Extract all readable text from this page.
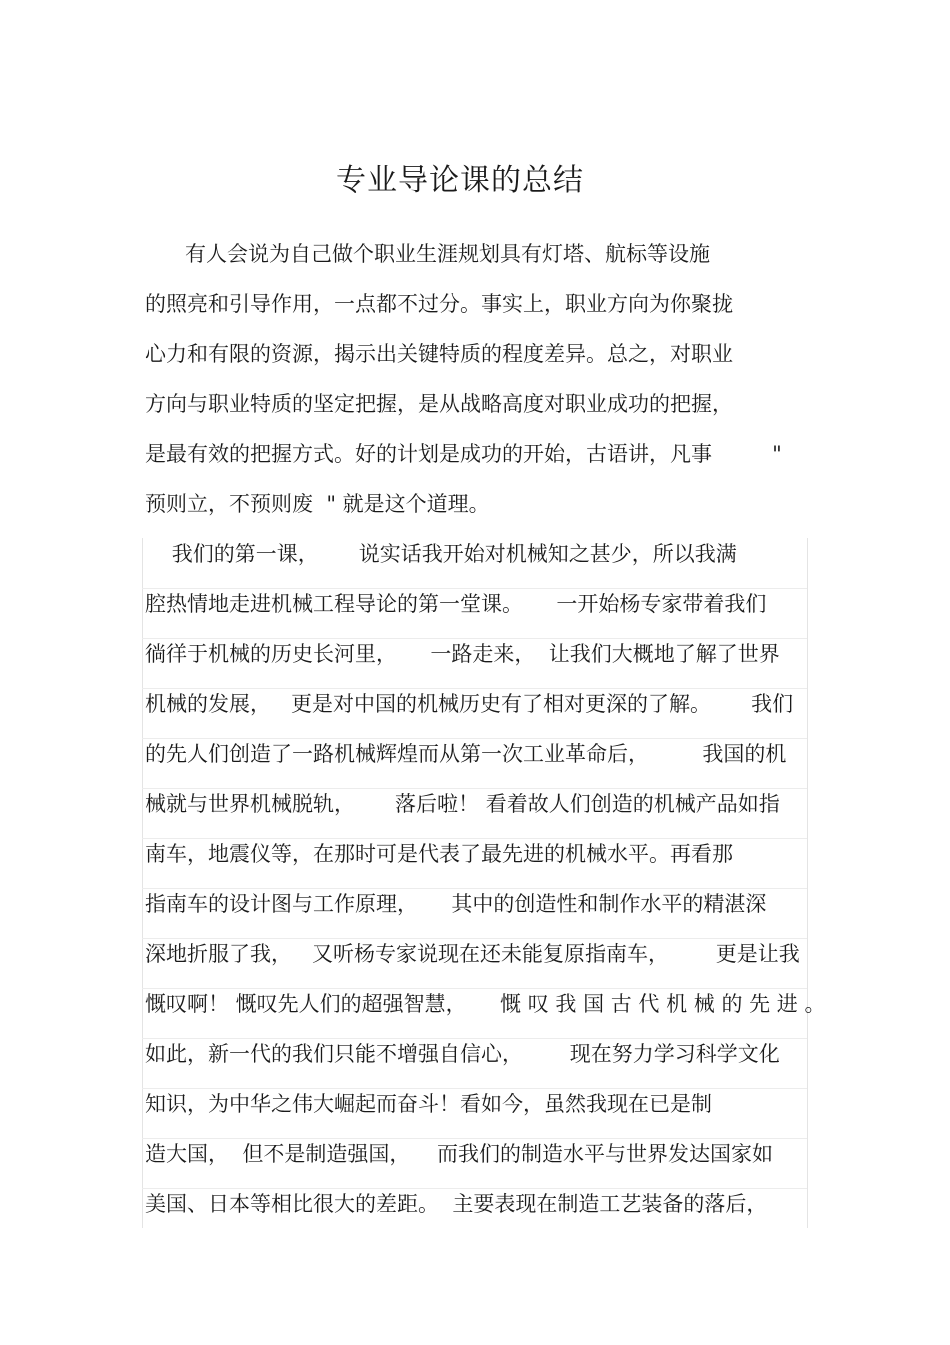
专业导论课的总结
有人会说为自己做个职业生涯规划具有灯塔、航标等设施
的照亮和引导作用，一点都不过分。事实上，职业方向为你聚拢
心力和有限的资源，揭示出关键特质的程度差异。总之，对职业
方向与职业特质的坚定把握，是从战略高度对职业成功的把握，
是最有效的把握方式。好的计划是成功的开始，古语讲，凡事         "
预则立，不预则废  " 就是这个道理。
我们的第一课，      说实话我开始对机械知之甚少，所以我满
腔热情地走进机械工程导论的第一堂课。     一开始杨专家带着我们
徜徉于机械的历史长河里，     一路走来，  让我们大概地了解了世界
机械的发展，   更是对中国的机械历史有了相对更深的了解。      我们
的先人们创造了一路机械辉煌而从第一次工业革命后，        我国的机
械就与世界机械脱轨，      落后啦！ 看着故人们创造的机械产品如指
南车，地震仪等，在那时可是代表了最先进的机械水平。再看那
指南车的设计图与工作原理，     其中的创造性和制作水平的精湛深
深地折服了我，   又听杨专家说现在还未能复原指南车，       更是让我
慨叹啊！ 慨叹先人们的超强智慧，     慨 叹 我 国 古 代 机 械 的 先 进 。
如此，新一代的我们只能不增强自信心，       现在努力学习科学文化
知识，为中华之伟大崛起而奋斗！看如今，虽然我现在已是制
造大国，  但不是制造强国，    而我们的制造水平与世界发达国家如
美国、日本等相比很大的差距。  主要表现在制造工艺装备的落后，
